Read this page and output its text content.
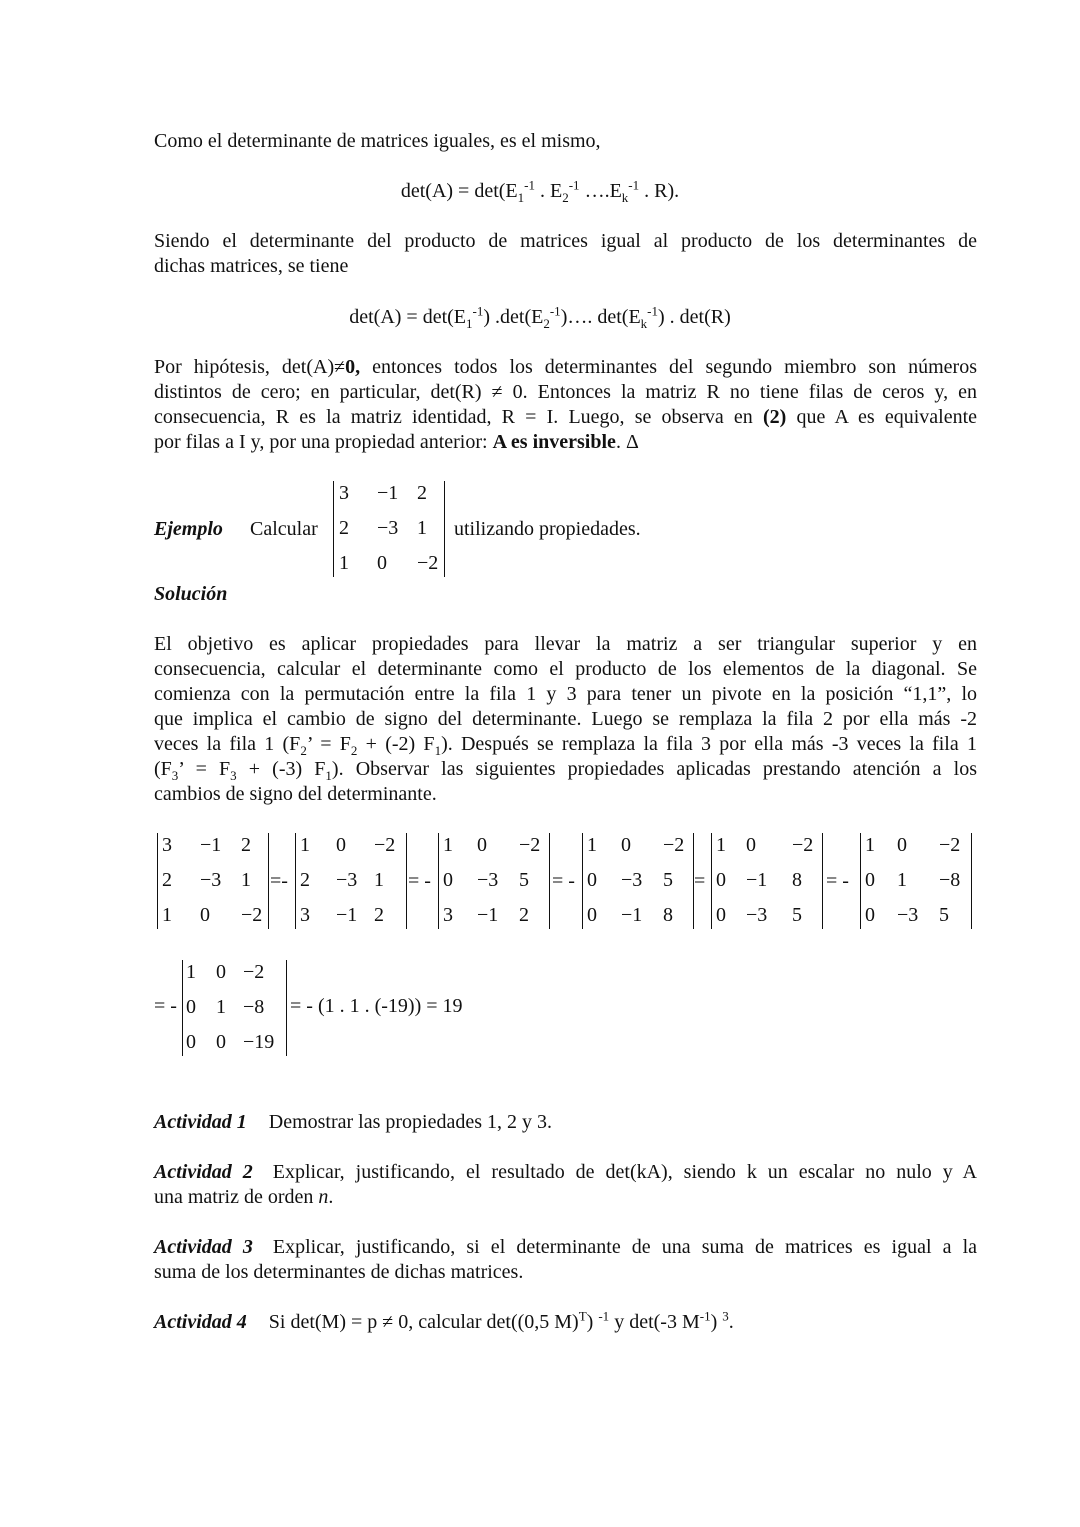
Como el determinante de matrices iguales, es el mismo,
$\det(A) = \det(E_1^{-1}$ . $E_2^{-1}$ $\dots.E_k^{-1}$ . R).
Siendo el determinante del producto de matrices igual al producto de los determinantes de
dichas matrices, se tiene
$\det(A) = \det(E_1^{-1})$ $.\det(E_2^{-1})\dots$. $\det(E_k^{-1})$ . det(R)
Por hipótesis, det(A)≠0, entonces todos los determinantes del segundo miembro son números
distintos de cero; en particular, det(R) ≠ 0. Entonces la matriz R no tiene filas de ceros y, en
consecuencia, R es la matriz identidad, R = I. Luego, se observa en (2) que A es equivalente
por filas a I y, por una propiedad anterior: A es inversible. Δ
Ejemplo Calcular
3 −1 2
2 −3 1
1 0 −2
utilizando propiedades.
Solución
El objetivo es aplicar propiedades para llevar la matriz a ser triangular superior y en
consecuencia, calcular el determinante como el producto de los elementos de la diagonal. Se
comienza con la permutación entre la fila 1 y 3 para tener un pivote en la posición “1,1”, lo
que implica el cambio de signo del determinante. Luego se remplaza la fila 2 por ella más -2
veces la fila 1 ($F_2$’ = $F_2 + (-2)$ $F_1$). Después se remplaza la fila 3 por ella más -3 veces la fila 1
($F_3$’ = $F_3 + (-3)$ $F_1$). Observar las siguientes propiedades aplicadas prestando atención a los
cambios de signo del determinante.
3 −1 2
2 −3 1
1 0 −2
=-
1 0 −2
2 −3 1
3 −1 2
= -
1 0 −2
0 −3 5
3 −1 2
= -
1 0 −2
0 −3 5
0 −1 8
=
1 0 −2
0 −1 8
0 −3 5
= -
1 0 −2
0 1 −8
0 −3 5
= -
1 0 −2
0 1 −8
0 0 −19
= - (1 . 1 . (-19)) = 19
Actividad 1 Demostrar las propiedades 1, 2 y 3.
Actividad 2 Explicar, justificando, el resultado de det(kA), siendo k un escalar no nulo y A
una matriz de orden n.
Actividad 3 Explicar, justificando, si el determinante de una suma de matrices es igual a la
suma de los determinantes de dichas matrices.
Actividad 4 Si det(M) = p ≠ 0, calcular det((0,5 M)$^T$) $^{-1}$ y det(-3 $M^{-1}$) $^3$.
